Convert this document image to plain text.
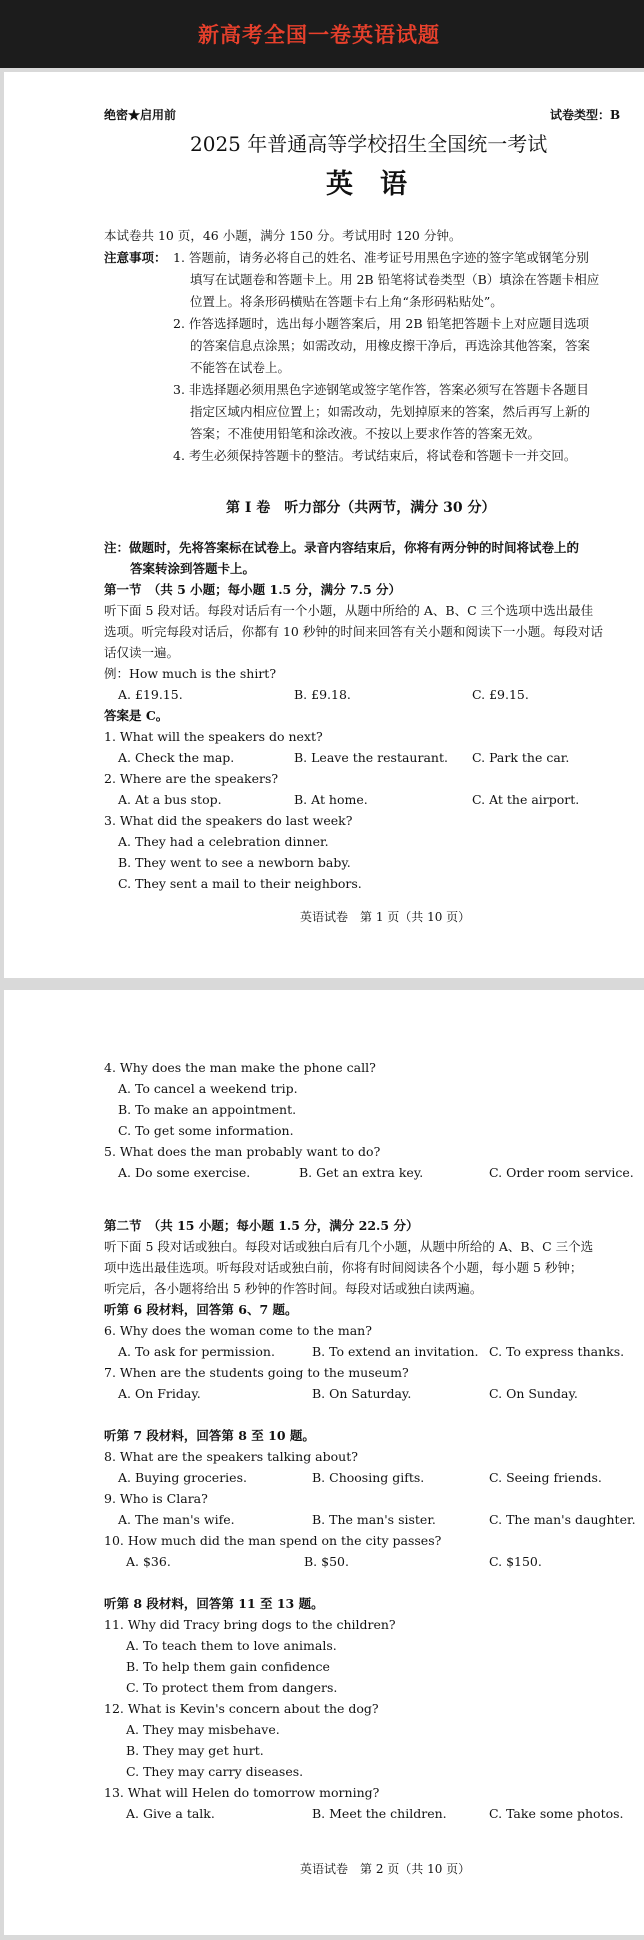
新高考全国一卷英语试题
绝密★启用前	试卷类型：B
2025 年普通高等学校招生全国统一考试
英　语
本试卷共 10 页，46 小题，满分 150 分。考试用时 120 分钟。
注意事项： 1. 答题前，请务必将自己的姓名、准考证号用黑色字迹的签字笔或钢笔分别
填写在试题卷和答题卡上。用 2B 铅笔将试卷类型（B）填涂在答题卡相应
位置上。将条形码横贴在答题卡右上角“条形码粘贴处”。
2. 作答选择题时，选出每小题答案后，用 2B 铅笔把答题卡上对应题目选项
的答案信息点涂黑；如需改动，用橡皮擦干净后，再选涂其他答案，答案
不能答在试卷上。
3. 非选择题必须用黑色字迹钢笔或签字笔作答，答案必须写在答题卡各题目
指定区域内相应位置上；如需改动，先划掉原来的答案，然后再写上新的
答案；不准使用铅笔和涂改液。不按以上要求作答的答案无效。
4. 考生必须保持答题卡的整洁。考试结束后，将试卷和答题卡一并交回。
第 I 卷　听力部分（共两节，满分 30 分）
注：做题时，先将答案标在试卷上。录音内容结束后，你将有两分钟的时间将试卷上的
答案转涂到答题卡上。
第一节　（共 5 小题；每小题 1.5 分，满分 7.5 分）
听下面 5 段对话。每段对话后有一个小题，从题中所给的 A、B、C 三个选项中选出最佳
选项。听完每段对话后，你都有 10 秒钟的时间来回答有关小题和阅读下一小题。每段对话
话仅读一遍。
例：How much is the shirt?
A. £19.15.	B. £9.18.	C. £9.15.
答案是 C。
1. What will the speakers do next?
A. Check the map.	B. Leave the restaurant. C. Park the car.
2. Where are the speakers?
A. At a bus stop.	B. At home.	C. At the airport.
3. What did the speakers do last week?
A. They had a celebration dinner.
B. They went to see a newborn baby.
C. They sent a mail to their neighbors.
英语试卷　第 1 页（共 10 页）
4. Why does the man make the phone call?
A. To cancel a weekend trip.
B. To make an appointment.
C. To get some information.
5. What does the man probably want to do?
A. Do some exercise.	B. Get an extra key.	C. Order room service.
第二节　（共 15 小题；每小题 1.5 分，满分 22.5 分）
听下面 5 段对话或独白。每段对话或独白后有几个小题，从题中所给的 A、B、C 三个选
项中选出最佳选项。听每段对话或独白前，你将有时间阅读各个小题，每小题 5 秒钟；
听完后，各小题将给出 5 秒钟的作答时间。每段对话或独白读两遍。
听第 6 段材料，回答第 6、7 题。
6. Why does the woman come to the man?
A. To ask for permission.	B. To extend an invitation. C. To express thanks.
7. When are the students going to the museum?
A. On Friday.	B. On Saturday.	C. On Sunday.
听第 7 段材料，回答第 8 至 10 题。
8. What are the speakers talking about?
A. Buying groceries.	B. Choosing gifts.	C. Seeing friends.
9. Who is Clara?
A. The man's wife.	B. The man's sister.	C. The man's daughter.
10. How much did the man spend on the city passes?
A. $36.	B. $50.	C. $150.
听第 8 段材料，回答第 11 至 13 题。
11. Why did Tracy bring dogs to the children?
A. To teach them to love animals.
B. To help them gain confidence
C. To protect them from dangers.
12. What is Kevin's concern about the dog?
A. They may misbehave.
B. They may get hurt.
C. They may carry diseases.
13. What will Helen do tomorrow morning?
A. Give a talk.	B. Meet the children.	C. Take some photos.
英语试卷　第 2 页（共 10 页）
